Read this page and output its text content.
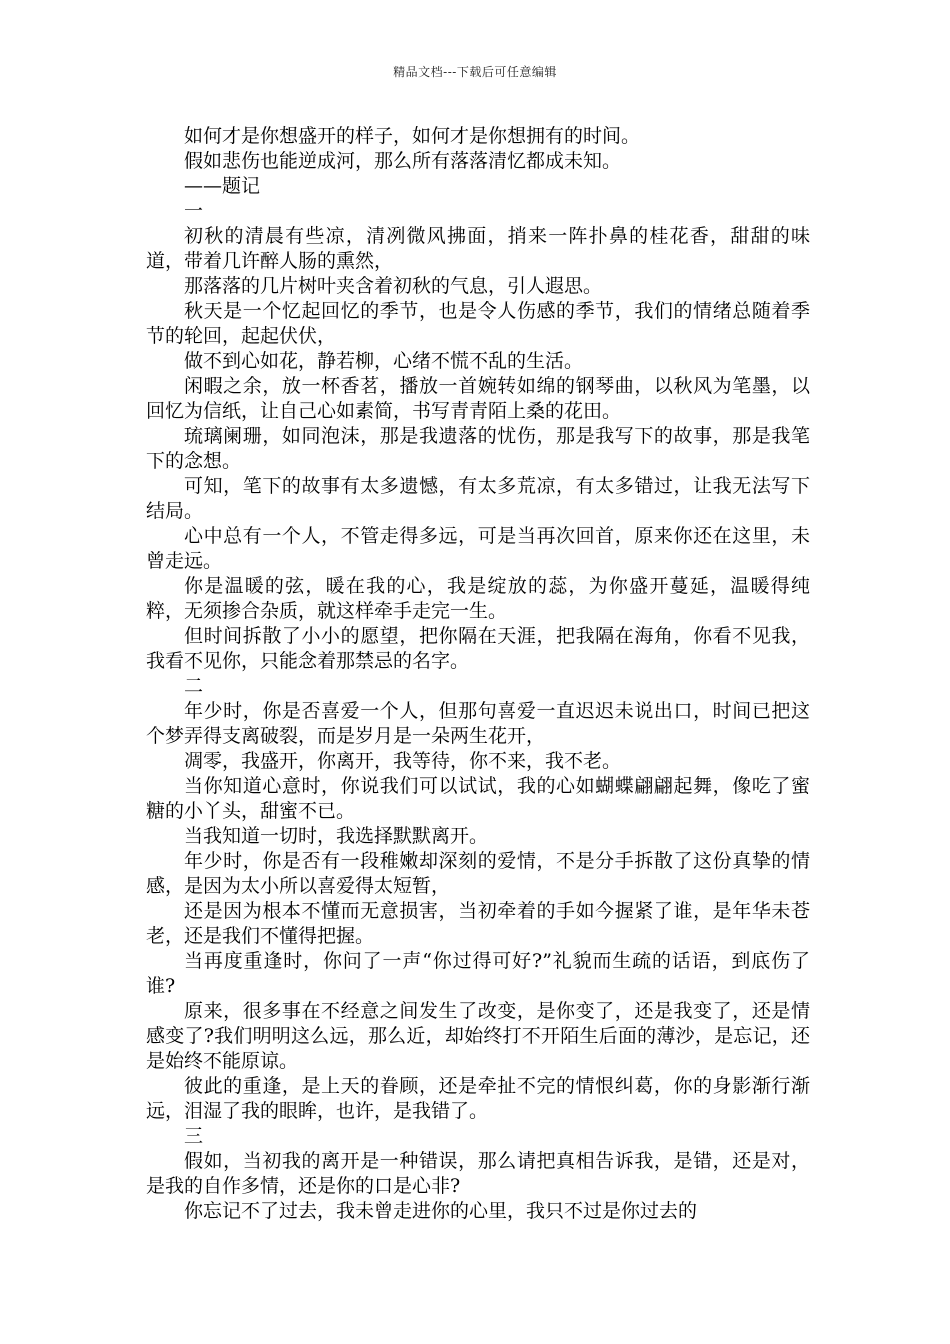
精品文档---下载后可任意编辑

如何才是你想盛开的样子，如何才是你想拥有的时间。

假如悲伤也能逆成河，那么所有落落清忆都成未知。

——题记

一

初秋的清晨有些凉，清冽微风拂面，捎来一阵扑鼻的桂花香，甜甜的味道，带着几许醉人肠的熏然，

那落落的几片树叶夹含着初秋的气息，引人遐思。

秋天是一个忆起回忆的季节，也是令人伤感的季节，我们的情绪总随着季节的轮回，起起伏伏，

做不到心如花，静若柳，心绪不慌不乱的生活。

闲暇之余，放一杯香茗，播放一首婉转如绵的钢琴曲，以秋风为笔墨，以回忆为信纸，让自己心如素简，书写青青陌上桑的花田。

琉璃阑珊，如同泡沫，那是我遗落的忧伤，那是我写下的故事，那是我笔下的念想。

可知，笔下的故事有太多遗憾，有太多荒凉，有太多错过，让我无法写下结局。

心中总有一个人，不管走得多远，可是当再次回首，原来你还在这里，未曾走远。

你是温暖的弦，暖在我的心，我是绽放的蕊，为你盛开蔓延，温暖得纯粹，无须掺合杂质，就这样牵手走完一生。

但时间拆散了小小的愿望，把你隔在天涯，把我隔在海角，你看不见我，我看不见你，只能念着那禁忌的名字。

二

年少时，你是否喜爱一个人，但那句喜爱一直迟迟未说出口，时间已把这个梦弄得支离破裂，而是岁月是一朵两生花开，

凋零，我盛开，你离开，我等待，你不来，我不老。

当你知道心意时，你说我们可以试试，我的心如蝴蝶翩翩起舞，像吃了蜜糖的小丫头，甜蜜不已。

当我知道一切时，我选择默默离开。

年少时，你是否有一段稚嫩却深刻的爱情，不是分手拆散了这份真挚的情感，是因为太小所以喜爱得太短暂，

还是因为根本不懂而无意损害，当初牵着的手如今握紧了谁，是年华未苍老，还是我们不懂得把握。

当再度重逢时，你问了一声“你过得可好?”礼貌而生疏的话语，到底伤了谁?

原来，很多事在不经意之间发生了改变，是你变了，还是我变了，还是情感变了?我们明明这么远，那么近，却始终打不开陌生后面的薄沙，是忘记，还是始终不能原谅。

彼此的重逢，是上天的眷顾，还是牵扯不完的情恨纠葛，你的身影渐行渐远，泪湿了我的眼眸，也许，是我错了。

三

假如，当初我的离开是一种错误，那么请把真相告诉我，是错，还是对，是我的自作多情，还是你的口是心非?

你忘记不了过去，我未曾走进你的心里，我只不过是你过去的
